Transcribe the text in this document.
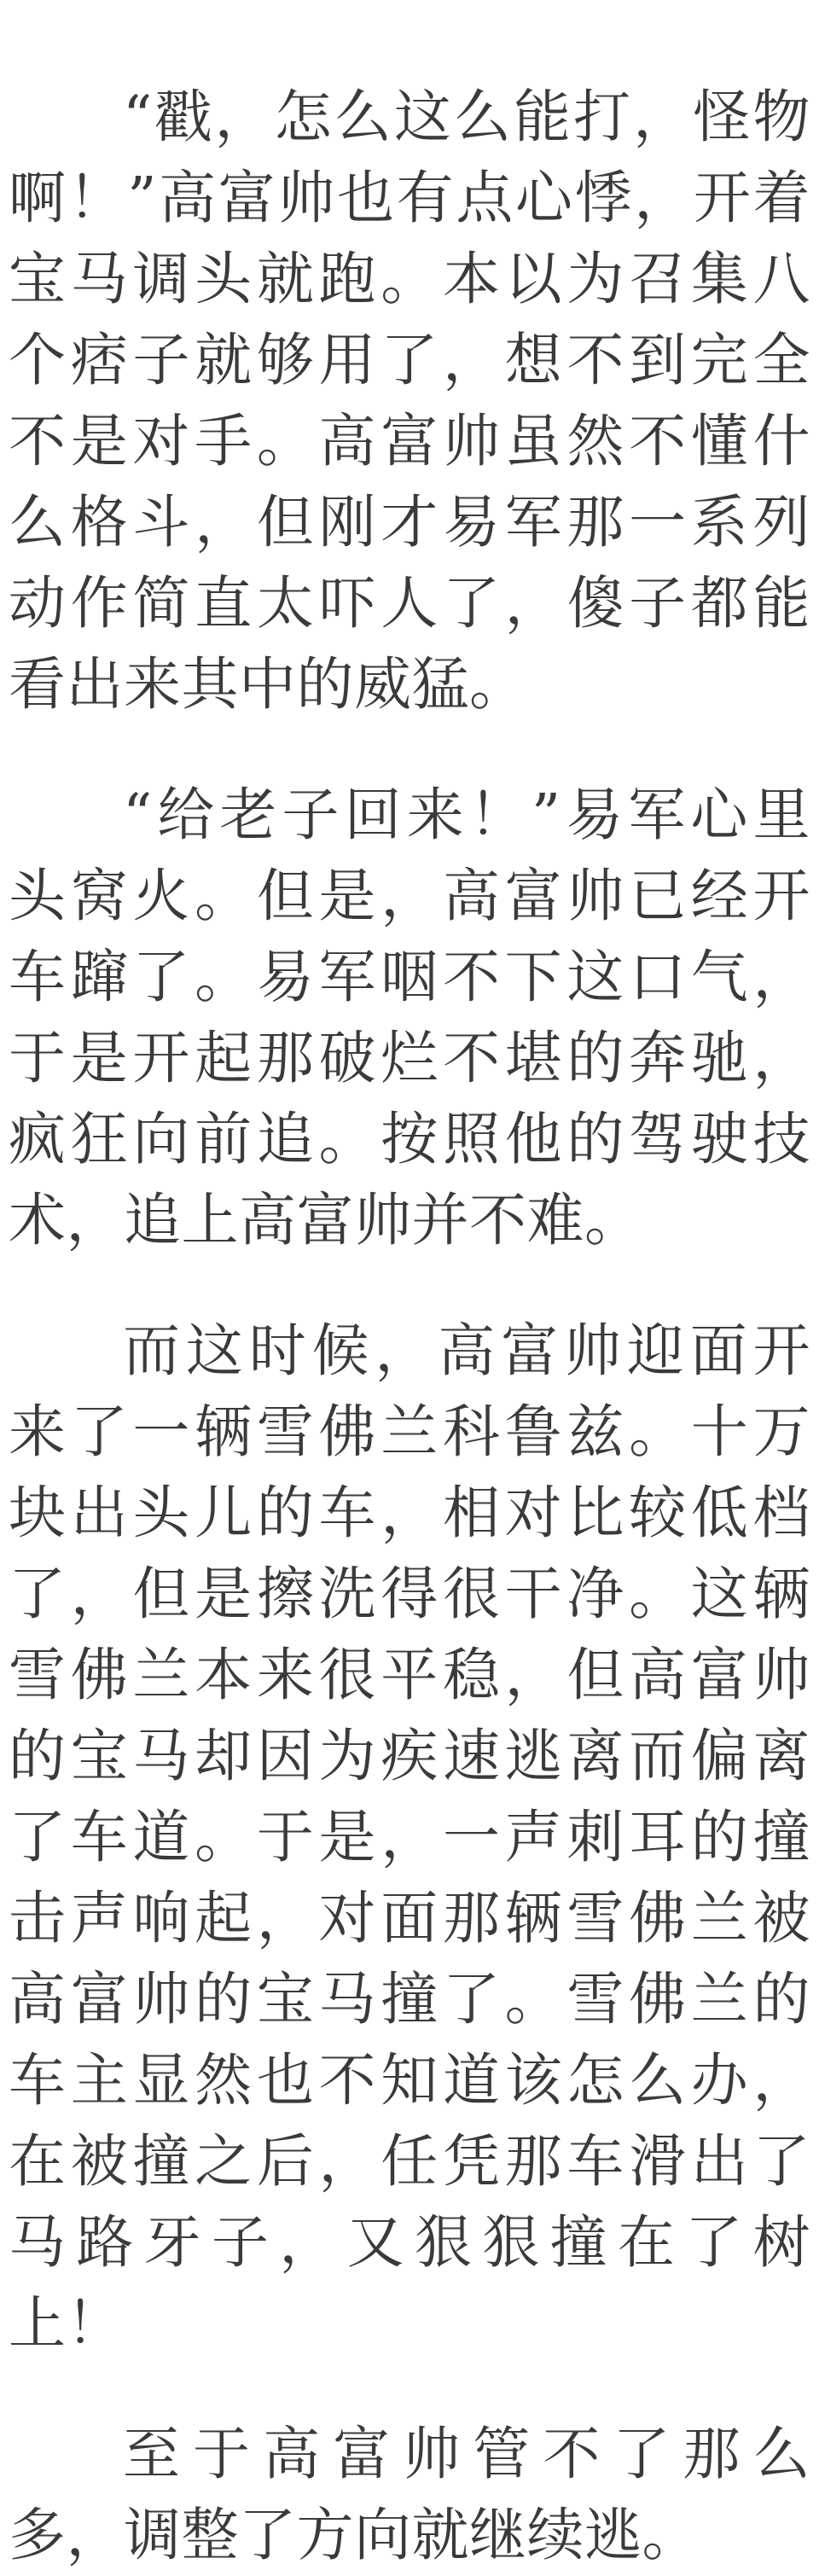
“戳，怎么这么能打，怪物啊！”高富帅也有点心悸，开着宝马调头就跑。本以为召集八个痞子就够用了，想不到完全不是对手。高富帅虽然不懂什么格斗，但刚才易军那一系列动作简直太吓人了，傻子都能看出来其中的威猛。

“给老子回来！”易军心里头窝火。但是，高富帅已经开车蹿了。易军咽不下这口气，于是开起那破烂不堪的奔驰，疯狂向前追。按照他的驾驶技术，追上高富帅并不难。

而这时候，高富帅迎面开来了一辆雪佛兰科鲁兹。十万块出头儿的车，相对比较低档了，但是擦洗得很干净。这辆雪佛兰本来很平稳，但高富帅的宝马却因为疾速逃离而偏离了车道。于是，一声刺耳的撞击声响起，对面那辆雪佛兰被高富帅的宝马撞了。雪佛兰的车主显然也不知道该怎么办，在被撞之后，任凭那车滑出了马路牙子，又狠狠撞在了树上！

至于高富帅管不了那么多，调整了方向就继续逃。
